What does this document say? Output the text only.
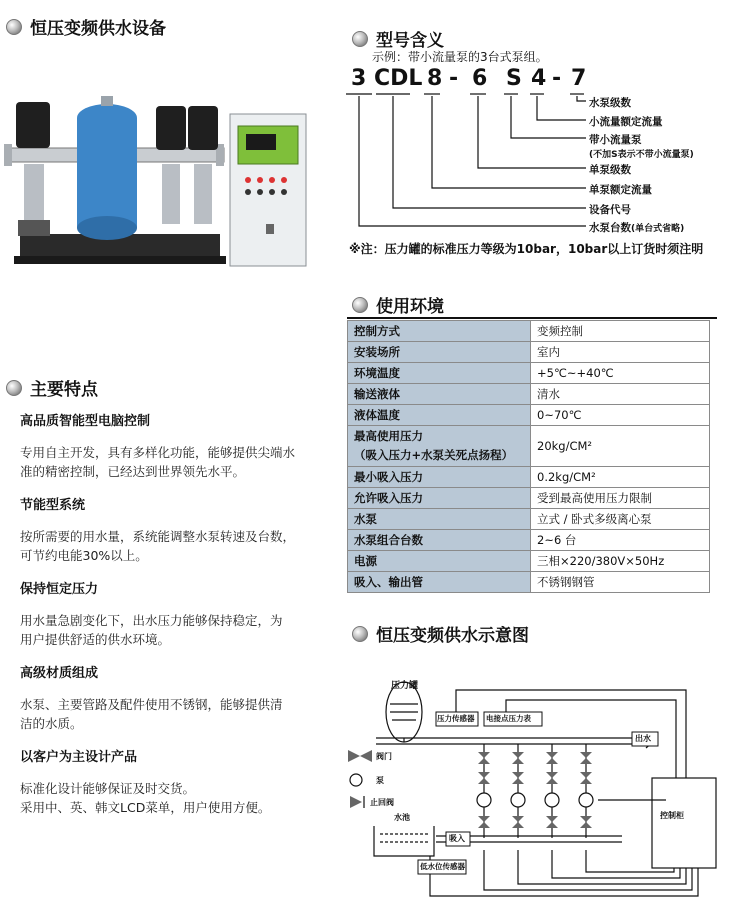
恒压变频供水设备
主要特点
高品质智能型电脑控制
专用自主开发，具有多样化功能，能够提供尖端水
准的精密控制，已经达到世界领先水平。
节能型系统
按所需要的用水量，系统能调整水泵转速及台数，
可节约电能30%以上。
保持恒定压力
用水量急剧变化下，出水压力能够保持稳定，为
用户提供舒适的供水环境。
高级材质组成
水泵、主要管路及配件使用不锈钢，能够提供清
洁的水质。
以客户为主设计产品
标准化设计能够保证及时交货。
采用中、英、韩文LCD菜单，用户使用方便。
型号含义
示例：带小流量泵的3台式泵组。
3 CDL 8 - 6 S 4 - 7
水泵级数
小流量额定流量
带小流量泵
(不加S表示不带小流量泵)
单泵级数
单泵额定流量
设备代号
水泵台数(单台式省略)
※注：压力罐的标准压力等级为10bar，10bar以上订货时须注明
使用环境
控制方式	变频控制
安装场所	室内
环境温度	+5℃~+40℃
输送液体	清水
液体温度	0~70℃

最高使用压力
（吸入压力+水泵关死点扬程）	20kg/CM²
最小吸入压力	0.2kg/CM²
允许吸入压力	受到最高使用压力限制
水泵	立式 / 卧式多级离心泵
水泵组合台数	2~6 台
电源	三相×220/380V×50Hz
吸入、输出管	不锈钢钢管
恒压变频供水示意图
压力罐
压力传感器 电接点压力表
出水
吸入
水池
低水位传感器
控制柜
阀门
泵
止回阀
